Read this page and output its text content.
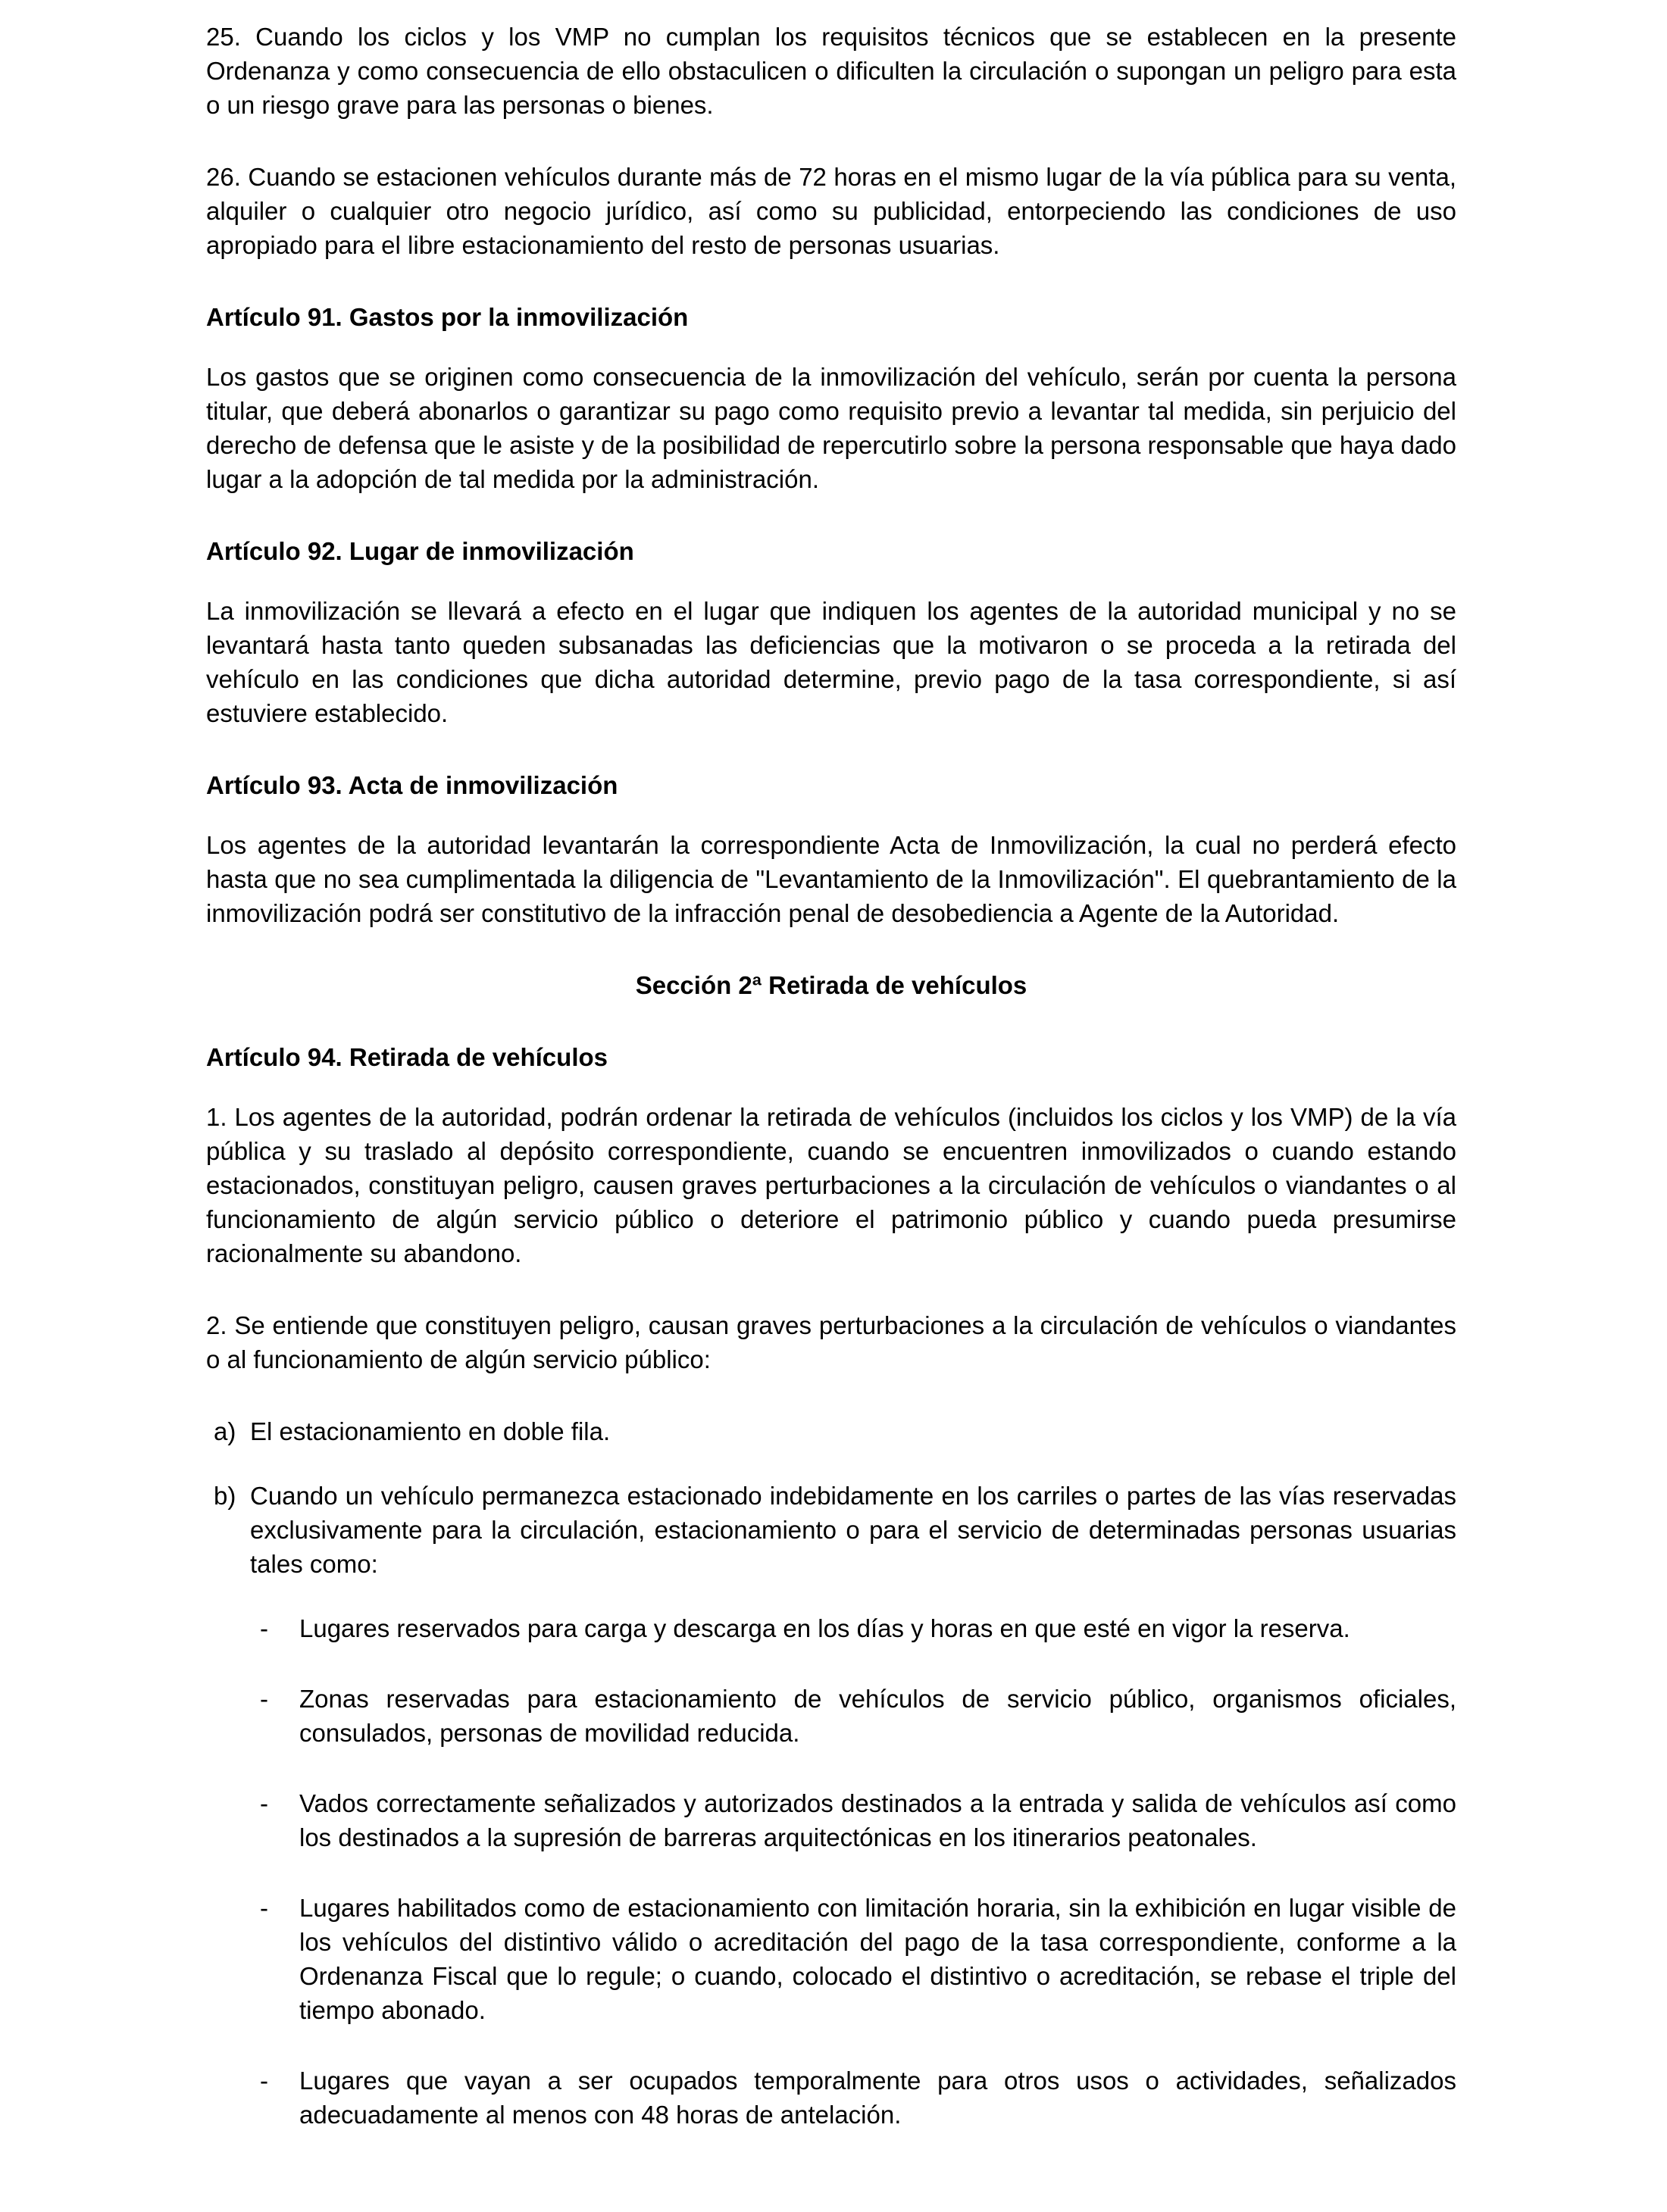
25. Cuando los ciclos y los VMP no cumplan los requisitos técnicos que se establecen en la presente Ordenanza y como consecuencia de ello obstaculicen o dificulten la circulación o supongan un peligro para esta o un riesgo grave para las personas o bienes.

26. Cuando se estacionen vehículos durante más de 72 horas en el mismo lugar de la vía pública para su venta, alquiler o cualquier otro negocio jurídico, así como su publicidad, entorpeciendo las condiciones de uso apropiado para el libre estacionamiento del resto de personas usuarias.

Artículo 91. Gastos por la inmovilización

Los gastos que se originen como consecuencia de la inmovilización del vehículo, serán por cuenta la persona titular, que deberá abonarlos o garantizar su pago como requisito previo a levantar tal medida, sin perjuicio del derecho de defensa que le asiste y de la posibilidad de repercutirlo sobre la persona responsable que haya dado lugar a la adopción de tal medida por la administración.

Artículo 92. Lugar de inmovilización

La inmovilización se llevará a efecto en el lugar que indiquen los agentes de la autoridad municipal y no se levantará hasta tanto queden subsanadas las deficiencias que la motivaron o se proceda a la retirada del vehículo en las condiciones que dicha autoridad determine, previo pago de la tasa correspondiente, si así estuviere establecido.

Artículo 93. Acta de inmovilización

Los agentes de la autoridad levantarán la correspondiente Acta de Inmovilización, la cual no perderá efecto hasta que no sea cumplimentada la diligencia de "Levantamiento de la Inmovilización". El quebrantamiento de la inmovilización podrá ser constitutivo de la infracción penal de desobediencia a Agente de la Autoridad.

Sección 2ª Retirada de vehículos
Artículo 94. Retirada de vehículos

1. Los agentes de la autoridad, podrán ordenar la retirada de vehículos (incluidos los ciclos y los VMP) de la vía pública y su traslado al depósito correspondiente, cuando se encuentren inmovilizados o cuando estando estacionados, constituyan peligro, causen graves perturbaciones a la circulación de vehículos o viandantes o al funcionamiento de algún servicio público o deteriore el patrimonio público y cuando pueda presumirse racionalmente su abandono.

2. Se entiende que constituyen peligro, causan graves perturbaciones a la circulación de vehículos o viandantes o al funcionamiento de algún servicio público:

a) El estacionamiento en doble fila.
b) Cuando un vehículo permanezca estacionado indebidamente en los carriles o partes de las vías reservadas exclusivamente para la circulación, estacionamiento o para el servicio de determinadas personas usuarias tales como:
- Lugares reservados para carga y descarga en los días y horas en que esté en vigor la reserva.
- Zonas reservadas para estacionamiento de vehículos de servicio público, organismos oficiales, consulados, personas de movilidad reducida.
- Vados correctamente señalizados y autorizados destinados a la entrada y salida de vehículos así como los destinados a la supresión de barreras arquitectónicas en los itinerarios peatonales.
- Lugares habilitados como de estacionamiento con limitación horaria, sin la exhibición en lugar visible de los vehículos del distintivo válido o acreditación del pago de la tasa correspondiente, conforme a la Ordenanza Fiscal que lo regule; o cuando, colocado el distintivo o acreditación, se rebase el triple del tiempo abonado.
- Lugares que vayan a ser ocupados temporalmente para otros usos o actividades, señalizados adecuadamente al menos con 48 horas de antelación.
